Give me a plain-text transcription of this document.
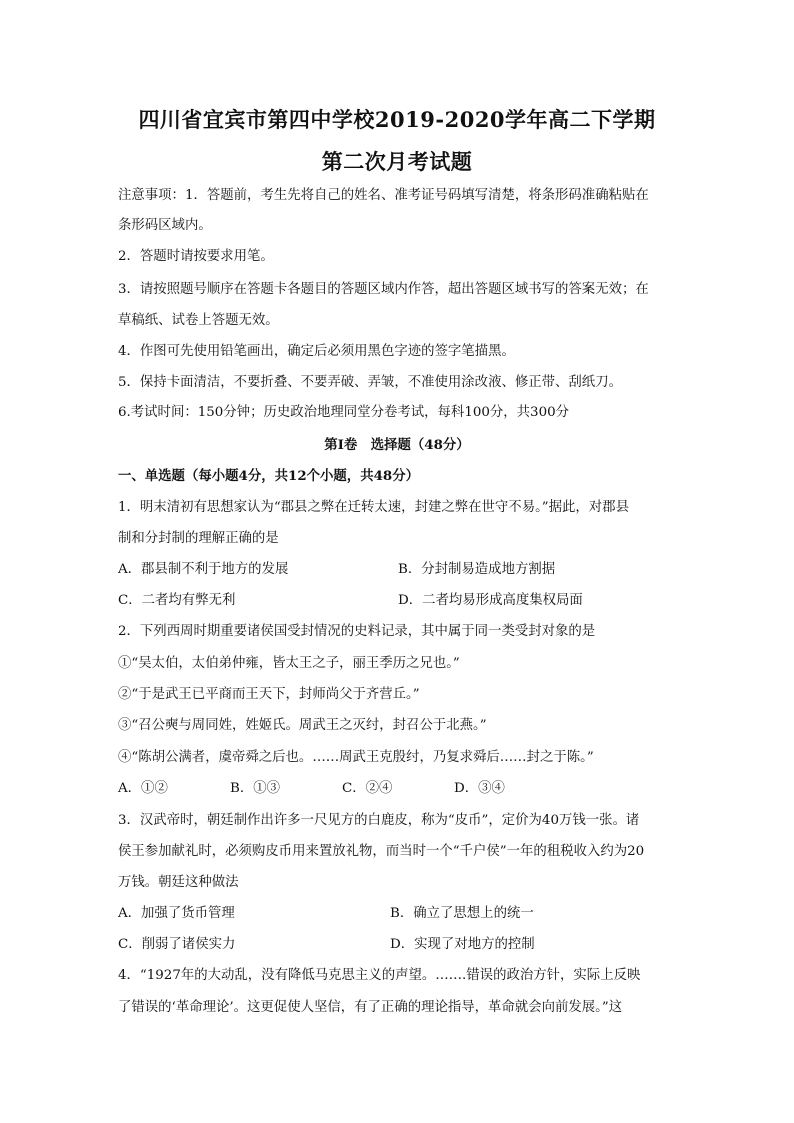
四川省宜宾市第四中学校2019-2020学年高二下学期
第二次月考试题
注意事项：1．答题前，考生先将自己的姓名、准考证号码填写清楚，将条形码准确粘贴在
条形码区域内。
2．答题时请按要求用笔。
3．请按照题号顺序在答题卡各题目的答题区域内作答，超出答题区域书写的答案无效；在
草稿纸、试卷上答题无效。
4．作图可先使用铅笔画出，确定后必须用黑色字迹的签字笔描黑。
5．保持卡面清洁，不要折叠、不要弄破、弄皱，不准使用涂改液、修正带、刮纸刀。
6.考试时间：150分钟；历史政治地理同堂分卷考试，每科100分，共300分
第Ⅰ卷　选择题（48分）
一、单选题（每小题4分，共12个小题，共48分）
1．明末清初有思想家认为“郡县之弊在迁转太速，封建之弊在世守不易。”据此，对郡县
制和分封制的理解正确的是
A．郡县制不利于地方的发展	B．分封制易造成地方割据
C．二者均有弊无利	D．二者均易形成高度集权局面
2．下列西周时期重要诸侯国受封情况的史料记录，其中属于同一类受封对象的是
①“吴太伯，太伯弟仲雍，皆太王之子，丽王季历之兄也。”
②“于是武王已平商而王天下，封师尚父于齐营丘。”
③“召公奭与周同姓，姓姬氏。周武王之灭纣，封召公于北燕。”
④“陈胡公满者，虞帝舜之后也。……周武王克殷纣，乃复求舜后……封之于陈。”
A．①②	B．①③	C．②④	D．③④
3．汉武帝时，朝廷制作出许多一尺见方的白鹿皮，称为“皮币”，定价为40万钱一张。诸
侯王参加献礼时，必须购皮币用来置放礼物，而当时一个“千户侯”一年的租税收入约为20
万钱。朝廷这种做法
A．加强了货币管理	B．确立了思想上的统一
C．削弱了诸侯实力	D．实现了对地方的控制
4．“1927年的大动乱，没有降低马克思主义的声望。…….错误的政治方针，实际上反映
了错误的‘革命理论’。这更促使人坚信，有了正确的理论指导，革命就会向前发展。”这
